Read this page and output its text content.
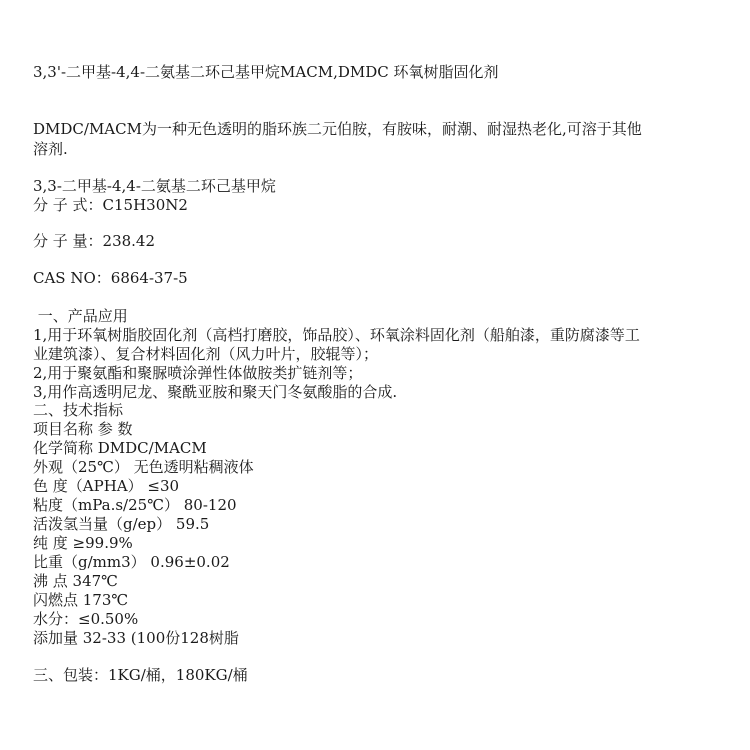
3,3'-二甲基-4,4-二氨基二环己基甲烷MACM,DMDC 环氧树脂固化剂
DMDC/MACM为一种无色透明的脂环族二元伯胺，有胺味，耐潮、耐湿热老化,可溶于其他
溶剂.
3,3-二甲基-4,4-二氨基二环己基甲烷
分 子 式：C15H30N2
分 子 量：238.42
CAS NO：6864-37-5
一、产品应用
1,用于环氧树脂胶固化剂（高档打磨胶，饰品胶）、环氧涂料固化剂（船舶漆，重防腐漆等工
业建筑漆）、复合材料固化剂（风力叶片，胶辊等）；
2,用于聚氨酯和聚脲喷涂弹性体做胺类扩链剂等；
3,用作高透明尼龙、聚酰亚胺和聚天门冬氨酸脂的合成.
二、技术指标
项目名称 参 数
化学简称 DMDC/MACM
外观（25℃） 无色透明粘稠液体
色 度（APHA） ≤30
粘度（mPa.s/25℃） 80-120
活泼氢当量（g/ep） 59.5
纯 度 ≥99.9%
比重（g/mm3） 0.96±0.02
沸 点 347℃
闪燃点 173℃
水分：≤0.50%
添加量 32-33 (100份128树脂
三、包装：1KG/桶，180KG/桶
